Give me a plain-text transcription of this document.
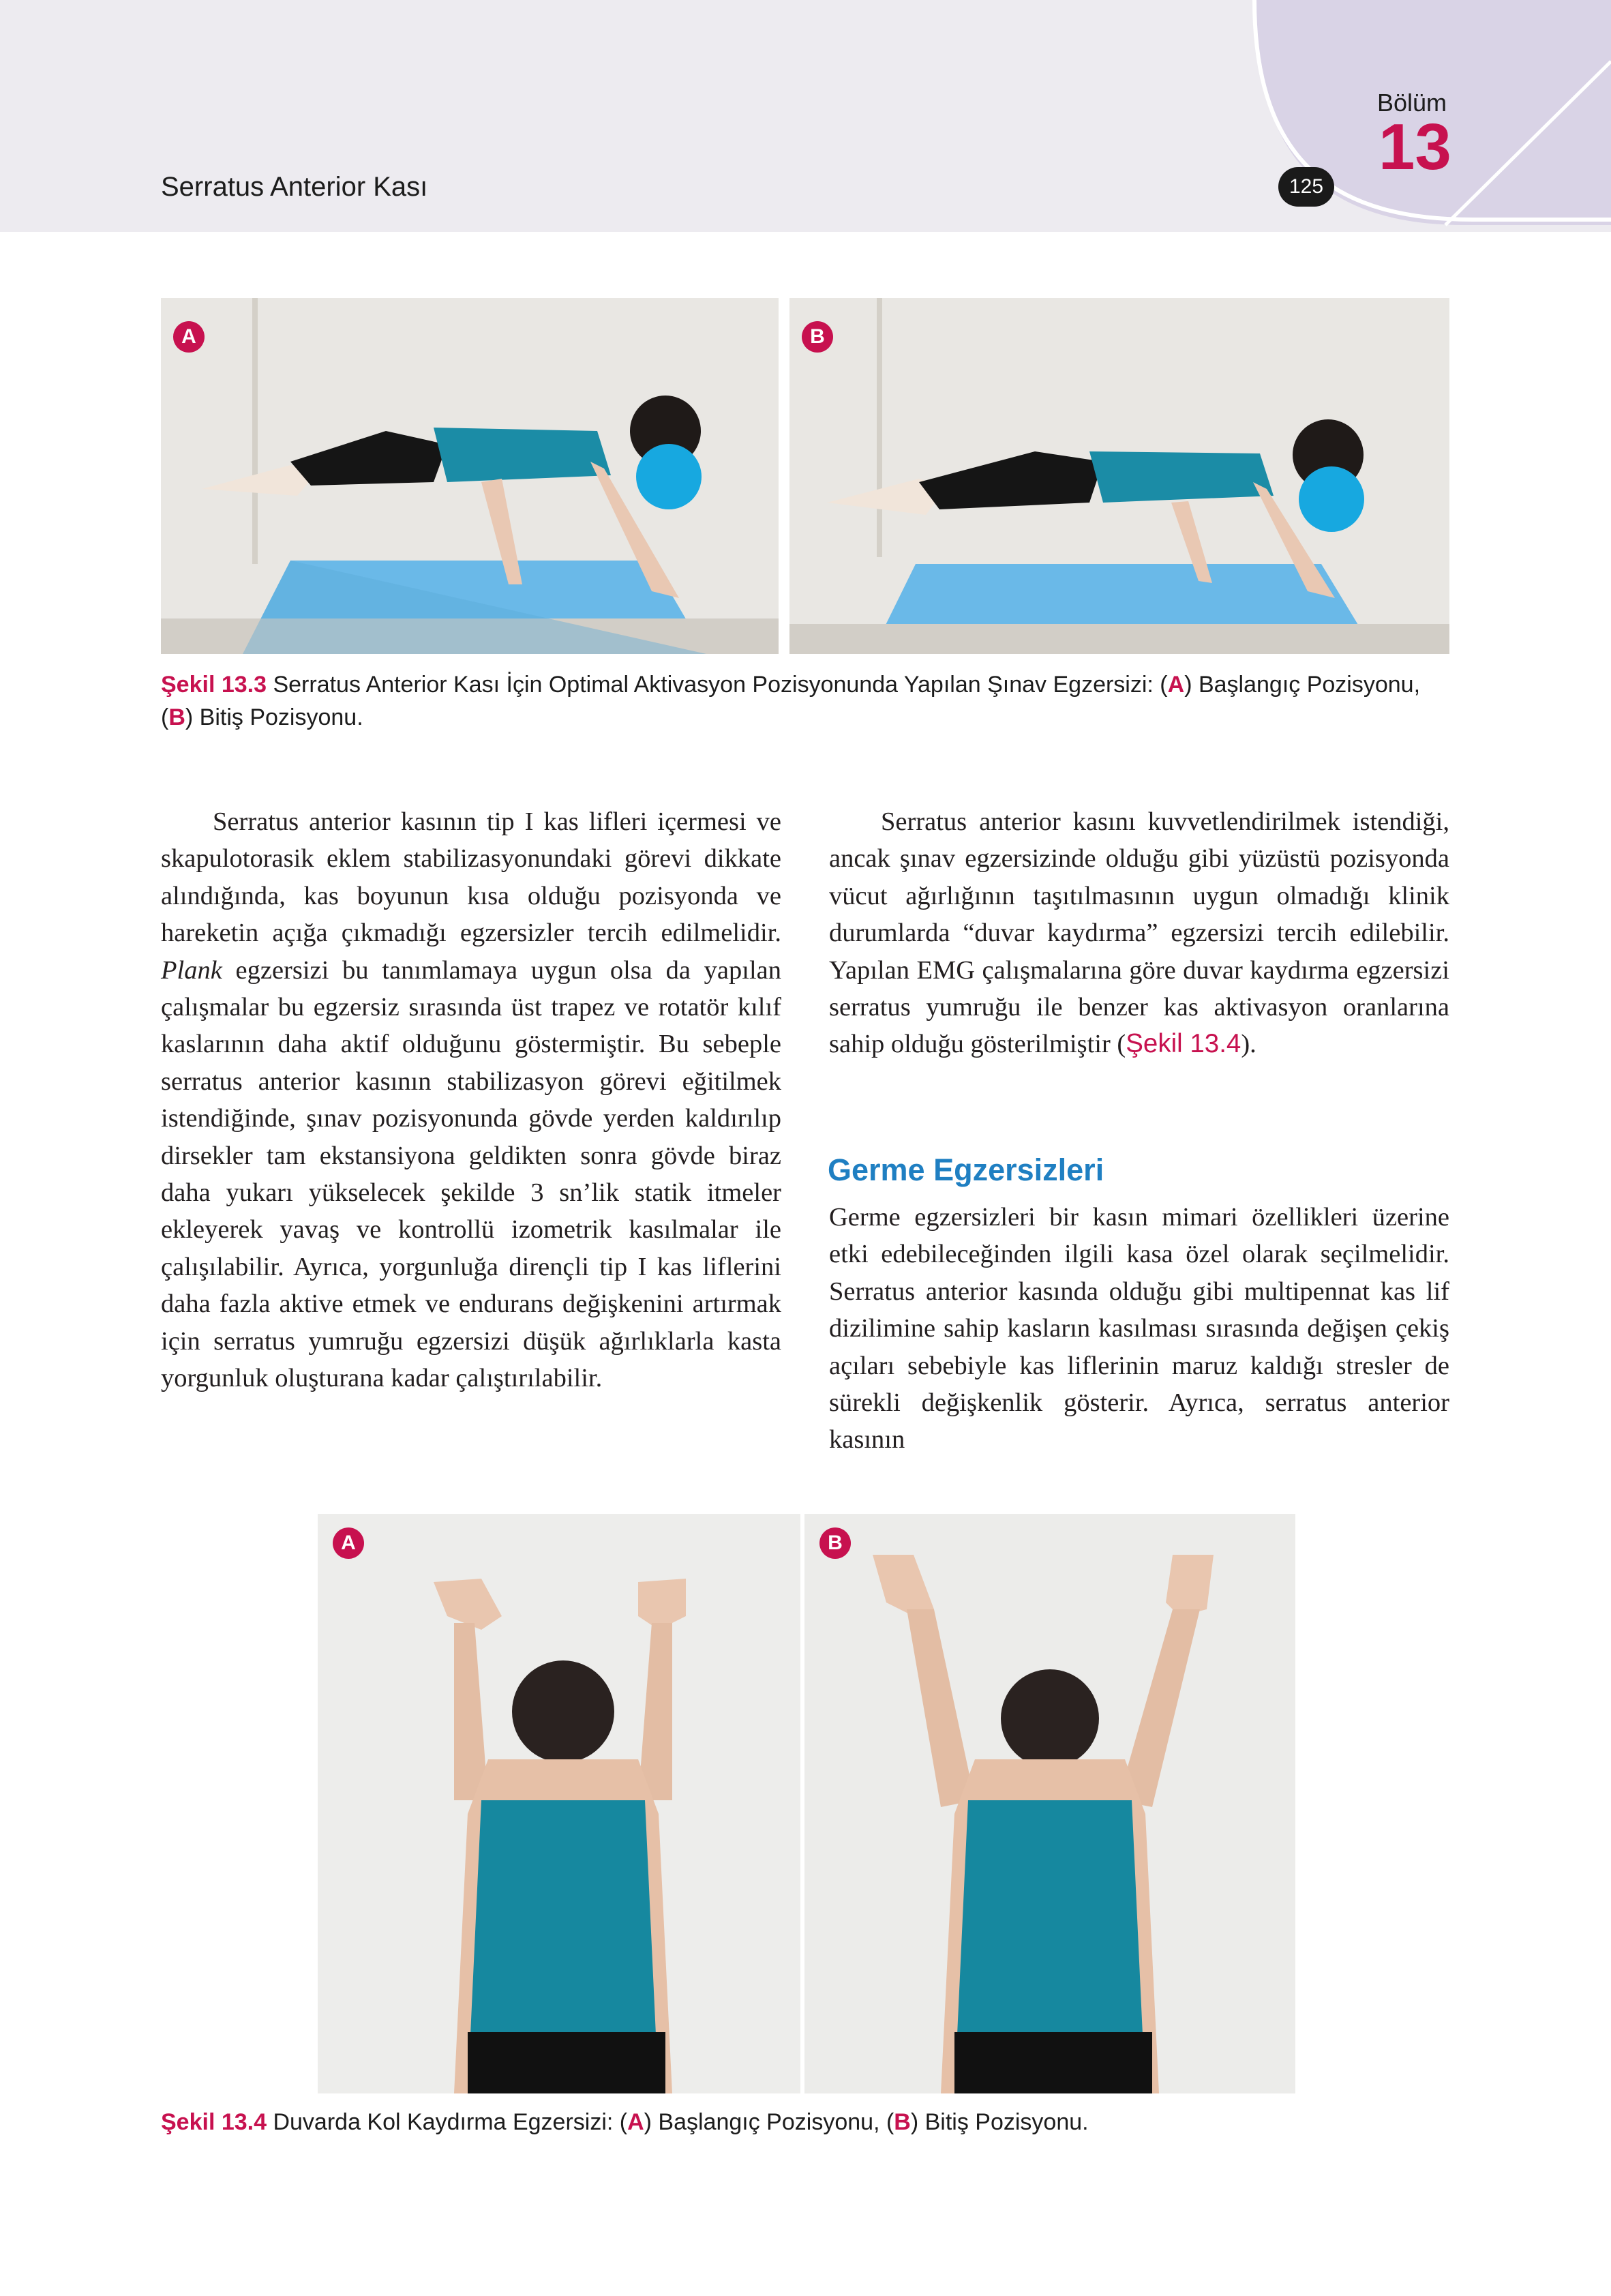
Serratus Anterior Kası	125
Bölüm
13
A	B
Şekil 13.3 Serratus Anterior Kası İçin Optimal Aktivasyon Pozisyonunda Yapılan Şınav Egzersizi: (A) Başlangıç Pozisyonu, (B) Bitiş Pozisyonu.

Serratus anterior kasının tip I kas lifleri içermesi ve skapulotorasik eklem stabilizasyonundaki görevi dikkate alındığında, kas boyunun kısa olduğu pozisyonda ve hareketin açığa çıkmadığı egzersizler tercih edilmelidir. Plank egzersizi bu tanımlamaya uygun olsa da yapılan çalışmalar bu egzersiz sırasında üst trapez ve rotatör kılıf kaslarının daha aktif olduğunu göstermiştir. Bu sebeple serratus anterior kasının stabilizasyon görevi eğitilmek istendiğinde, şınav pozisyonunda gövde yerden kaldırılıp dirsekler tam ekstansiyona geldikten sonra gövde biraz daha yukarı yükselecek şekilde 3 sn’lik statik itmeler ekleyerek yavaş ve kontrollü izometrik kasılmalar ile çalışılabilir. Ayrıca, yorgunluğa dirençli tip I kas liflerini daha fazla aktive etmek ve endurans değişkenini artırmak için serratus yumruğu egzersizi düşük ağırlıklarla kasta yorgunluk oluşturana kadar çalıştırılabilir.

Serratus anterior kasını kuvvetlendirilmek istendiği, ancak şınav egzersizinde olduğu gibi yüzüstü pozisyonda vücut ağırlığının taşıtılmasının uygun olmadığı klinik durumlarda “duvar kaydırma” egzersizi tercih edilebilir. Yapılan EMG çalışmalarına göre duvar kaydırma egzersizi serratus yumruğu ile benzer kas aktivasyon oranlarına sahip olduğu gösterilmiştir (Şekil 13.4).

Germe Egzersizleri

Germe egzersizleri bir kasın mimari özellikleri üzerine etki edebileceğinden ilgili kasa özel olarak seçilmelidir. Serratus anterior kasında olduğu gibi multipennat kas lif dizilimine sahip kasların kasılması sırasında değişen çekiş açıları sebebiyle kas liflerinin maruz kaldığı stresler de sürekli değişkenlik gösterir. Ayrıca, serratus anterior kasının

A	B
Şekil 13.4 Duvarda Kol Kaydırma Egzersizi: (A) Başlangıç Pozisyonu, (B) Bitiş Pozisyonu.
